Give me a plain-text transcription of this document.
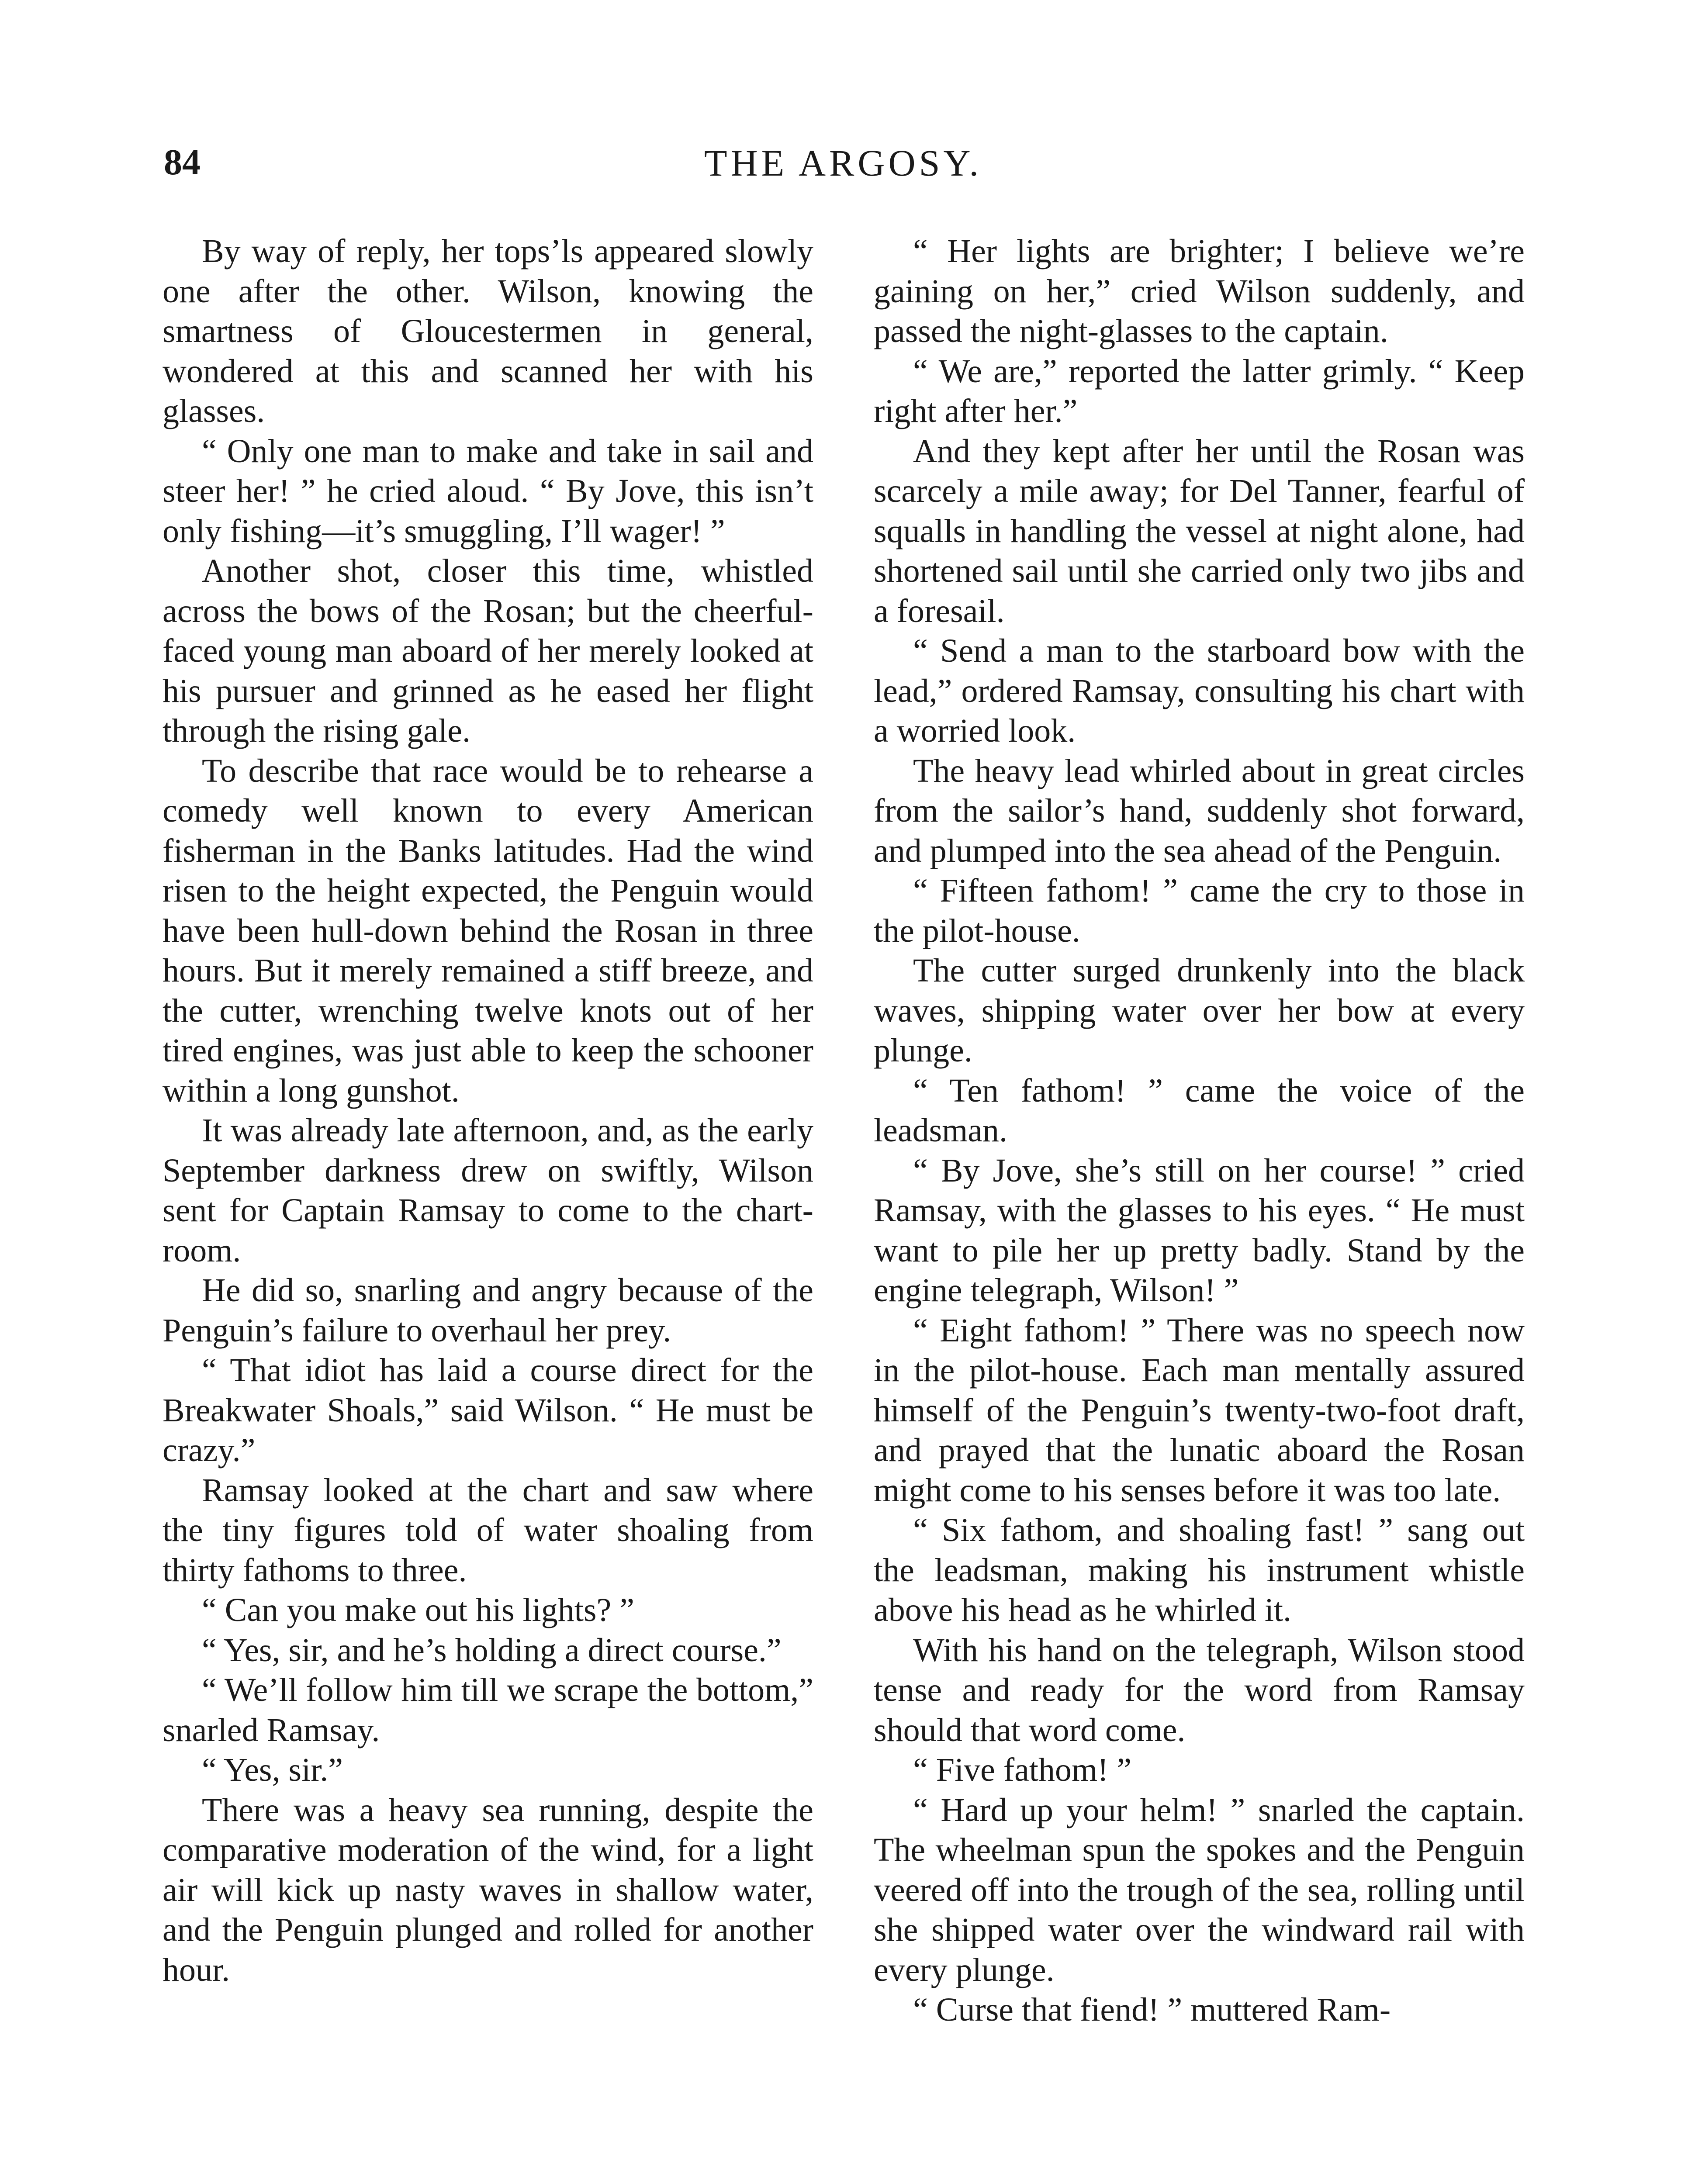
84	THE ARGOSY.

By way of reply, her tops’ls appeared slowly one after the other. Wilson, knowing the smartness of Gloucestermen in general, wondered at this and scanned her with his glasses.

“ Only one man to make and take in sail and steer her! ” he cried aloud. “ By Jove, this isn’t only fishing—it’s smuggling, I’ll wager! ”

Another shot, closer this time, whistled across the bows of the Rosan; but the cheerful-faced young man aboard of her merely looked at his pursuer and grinned as he eased her flight through the rising gale.

To describe that race would be to rehearse a comedy well known to every American fisherman in the Banks latitudes. Had the wind risen to the height expected, the Penguin would have been hull-down behind the Rosan in three hours. But it merely remained a stiff breeze, and the cutter, wrenching twelve knots out of her tired engines, was just able to keep the schooner within a long gunshot.

It was already late afternoon, and, as the early September darkness drew on swiftly, Wilson sent for Captain Ramsay to come to the chart-room.

He did so, snarling and angry because of the Penguin’s failure to overhaul her prey.

“ That idiot has laid a course direct for the Breakwater Shoals,” said Wilson. “ He must be crazy.”

Ramsay looked at the chart and saw where the tiny figures told of water shoaling from thirty fathoms to three.

“ Can you make out his lights? ”

“ Yes, sir, and he’s holding a direct course.”

“ We’ll follow him till we scrape the bottom,” snarled Ramsay.

“ Yes, sir.”

There was a heavy sea running, despite the comparative moderation of the wind, for a light air will kick up nasty waves in shallow water, and the Penguin plunged and rolled for another hour.

“ Her lights are brighter; I believe we’re gaining on her,” cried Wilson suddenly, and passed the night-glasses to the captain.

“ We are,” reported the latter grimly. “ Keep right after her.”

And they kept after her until the Rosan was scarcely a mile away; for Del Tanner, fearful of squalls in handling the vessel at night alone, had shortened sail until she carried only two jibs and a foresail.

“ Send a man to the starboard bow with the lead,” ordered Ramsay, consulting his chart with a worried look.

The heavy lead whirled about in great circles from the sailor’s hand, suddenly shot forward, and plumped into the sea ahead of the Penguin.

“ Fifteen fathom! ” came the cry to those in the pilot-house.

The cutter surged drunkenly into the black waves, shipping water over her bow at every plunge.

“ Ten fathom! ” came the voice of the leadsman.

“ By Jove, she’s still on her course! ” cried Ramsay, with the glasses to his eyes. “ He must want to pile her up pretty badly. Stand by the engine telegraph, Wilson! ”

“ Eight fathom! ” There was no speech now in the pilot-house. Each man mentally assured himself of the Penguin’s twenty-two-foot draft, and prayed that the lunatic aboard the Rosan might come to his senses before it was too late.

“ Six fathom, and shoaling fast! ” sang out the leadsman, making his instrument whistle above his head as he whirled it.

With his hand on the telegraph, Wilson stood tense and ready for the word from Ramsay should that word come.

“ Five fathom! ”

“ Hard up your helm! ” snarled the captain. The wheelman spun the spokes and the Penguin veered off into the trough of the sea, rolling until she shipped water over the windward rail with every plunge.

“ Curse that fiend! ” muttered Ram-
